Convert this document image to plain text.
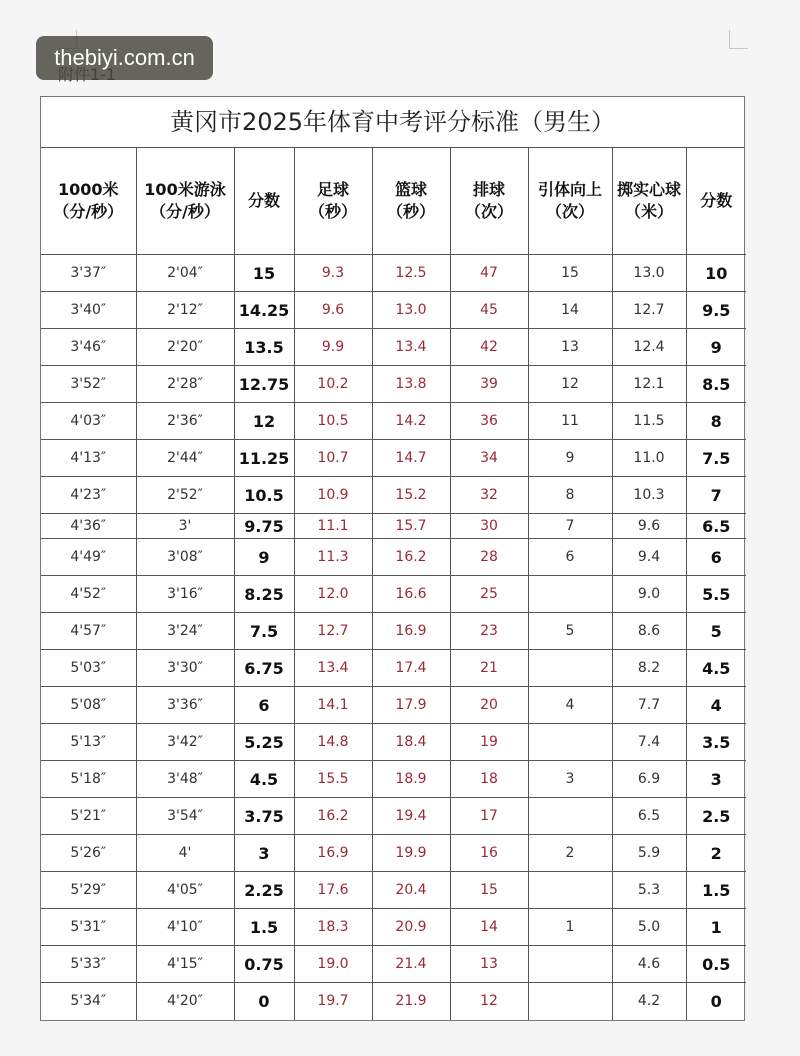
thebiyi.com.cn
黄冈市2025年体育中考评分标准（男生）
1000米 （分/秒）	100米游泳（分/秒）	分数	足球 （秒）	篮球 （秒）	排球 （次）	引体向上（次）	掷实心球（米）	分数
3'37″	2'04″	15	9.3	12.5	47	15	13.0	10
3'40″	2'12″	14.25	9.6	13.0	45	14	12.7	9.5
3'46″	2'20″	13.5	9.9	13.4	42	13	12.4	9
3'52″	2'28″	12.75	10.2	13.8	39	12	12.1	8.5
4'03″	2'36″	12	10.5	14.2	36	11	11.5	8
4'13″	2'44″	11.25	10.7	14.7	34	9	11.0	7.5
4'23″	2'52″	10.5	10.9	15.2	32	8	10.3	7
4'36″	3'	9.75	11.1	15.7	30	7	9.6	6.5
4'49″	3'08″	9	11.3	16.2	28	6	9.4	6
4'52″	3'16″	8.25	12.0	16.6	25		9.0	5.5
4'57″	3'24″	7.5	12.7	16.9	23	5	8.6	5
5'03″	3'30″	6.75	13.4	17.4	21		8.2	4.5
5'08″	3'36″	6	14.1	17.9	20	4	7.7	4
5'13″	3'42″	5.25	14.8	18.4	19		7.4	3.5
5'18″	3'48″	4.5	15.5	18.9	18	3	6.9	3
5'21″	3'54″	3.75	16.2	19.4	17		6.5	2.5
5'26″	4'	3	16.9	19.9	16	2	5.9	2
5'29″	4'05″	2.25	17.6	20.4	15		5.3	1.5
5'31″	4'10″	1.5	18.3	20.9	14	1	5.0	1
5'33″	4'15″	0.75	19.0	21.4	13		4.6	0.5
5'34″	4'20″	0	19.7	21.9	12		4.2	0
